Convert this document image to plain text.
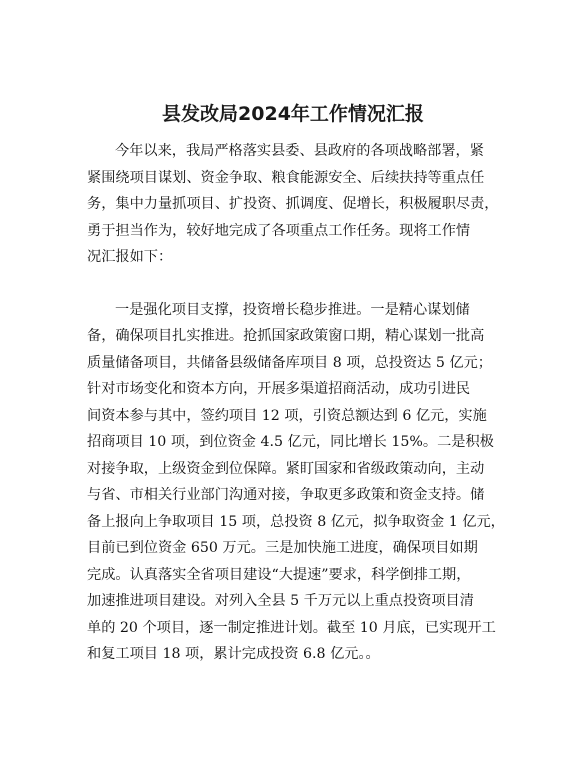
县发改局2024年工作情况汇报

今年以来，我局严格落实县委、县政府的各项战略部署，紧
紧围绕项目谋划、资金争取、粮食能源安全、后续扶持等重点任
务，集中力量抓项目、扩投资、抓调度、促增长，积极履职尽责，
勇于担当作为，较好地完成了各项重点工作任务。现将工作情
况汇报如下：

一是强化项目支撑，投资增长稳步推进。一是精心谋划储
备，确保项目扎实推进。抢抓国家政策窗口期，精心谋划一批高
质量储备项目，共储备县级储备库项目 8 项，总投资达 5 亿元；
针对市场变化和资本方向，开展多渠道招商活动，成功引进民
间资本参与其中，签约项目 12 项，引资总额达到 6 亿元，实施
招商项目 10 项，到位资金 4.5 亿元，同比增长 15%。二是积极
对接争取，上级资金到位保障。紧盯国家和省级政策动向，主动
与省、市相关行业部门沟通对接，争取更多政策和资金支持。储
备上报向上争取项目 15 项，总投资 8 亿元，拟争取资金 1 亿元，
目前已到位资金 650 万元。三是加快施工进度，确保项目如期
完成。认真落实全省项目建设“大提速”要求，科学倒排工期，
加速推进项目建设。对列入全县 5 千万元以上重点投资项目清
单的 20 个项目，逐一制定推进计划。截至 10 月底，已实现开工
和复工项目 18 项，累计完成投资 6.8 亿元。。
